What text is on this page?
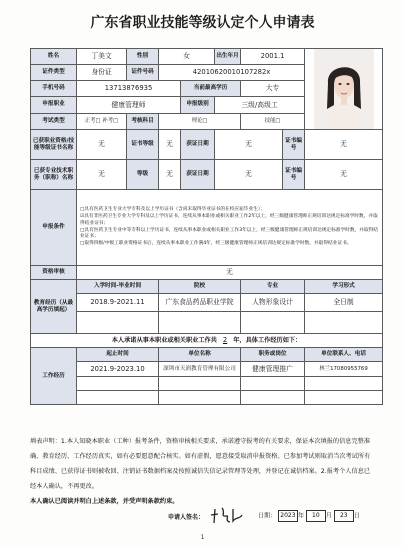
广东省职业技能等级认定个人申请表
姓名	丁美文	性别	女		出生年月	2001.1	

证件类型	身份证	证件号码	42010620010107282x					
手机号码	13713876935			当前最高学历		大专		
申报职业	健康管理师			申报级别	三级/高级工			
考试类型	正考□ 补考□	考核科目	理论□			技能□		
已获职业资格/技能等级证书名称	无	证书等级	无	获证日期	无		证书编号	无
已获专业技术职务（职称）名称	无	等级	无	获证日期	无		证书编号	无
申报条件	□具有医药卫生专业大学专科及以上学历证书（含尚未取得毕业证书的在校应届毕业生）；

☑具有非医药卫生专业大学专科及以上学历证书，连续从事本职业或相关职业工作2年以上，经三级健康管理师正规培训达规定标准学时数，并取得结业证书；

□具有医药卫生专业中等专科以上学历证书，连续从事本职业或相关职业工作3年以上，经三级健康管理师正规培训达规定标准学时数，并取得结业证书；

□取得四级/中级工职业资格证书后，连续从事本职业工作满4年，经三级健康管理师正规培训达规定标准学时数，并取得结业证书。							

资格审核	无							
教育经历（从最高学历填起）	入学时间-毕业时间		院校			专业		学习形式
	2018.9-2021.11		广东食品药品职业学院			人物形象设计		全日制

本人承诺从事本职业或相关职业工作共 2 年，具体工作经历如下：								
工作经历	起止时间		单位名称			职务或岗位		单位联系人、电话
	2021.9-2023.10		深圳市天润教育管理有限公司			健康管理推广		林兰17080955769

填表声明：1.本人知晓本职业（工种）报考条件，资格审核相关要求，承诺遵守报考的有关要求，保证本次填报的信息完整准确、教育经历、工作经历真实，如有必要愿意配合核实。如有虚假，愿意接受取消申报资格、已参加考试则取消当次考试所有科目成绩、已获得证书则被收回、注销证书数据档案及按照诚信失信记录管理等处理，并登记在诚信档案。2.报考个人信息已经本人确认，不再更改。
本人确认已阅读并明白上述条款，并受声明条款约束。
申请人签名：	日期： 2023 年 10 月 23 日
1
